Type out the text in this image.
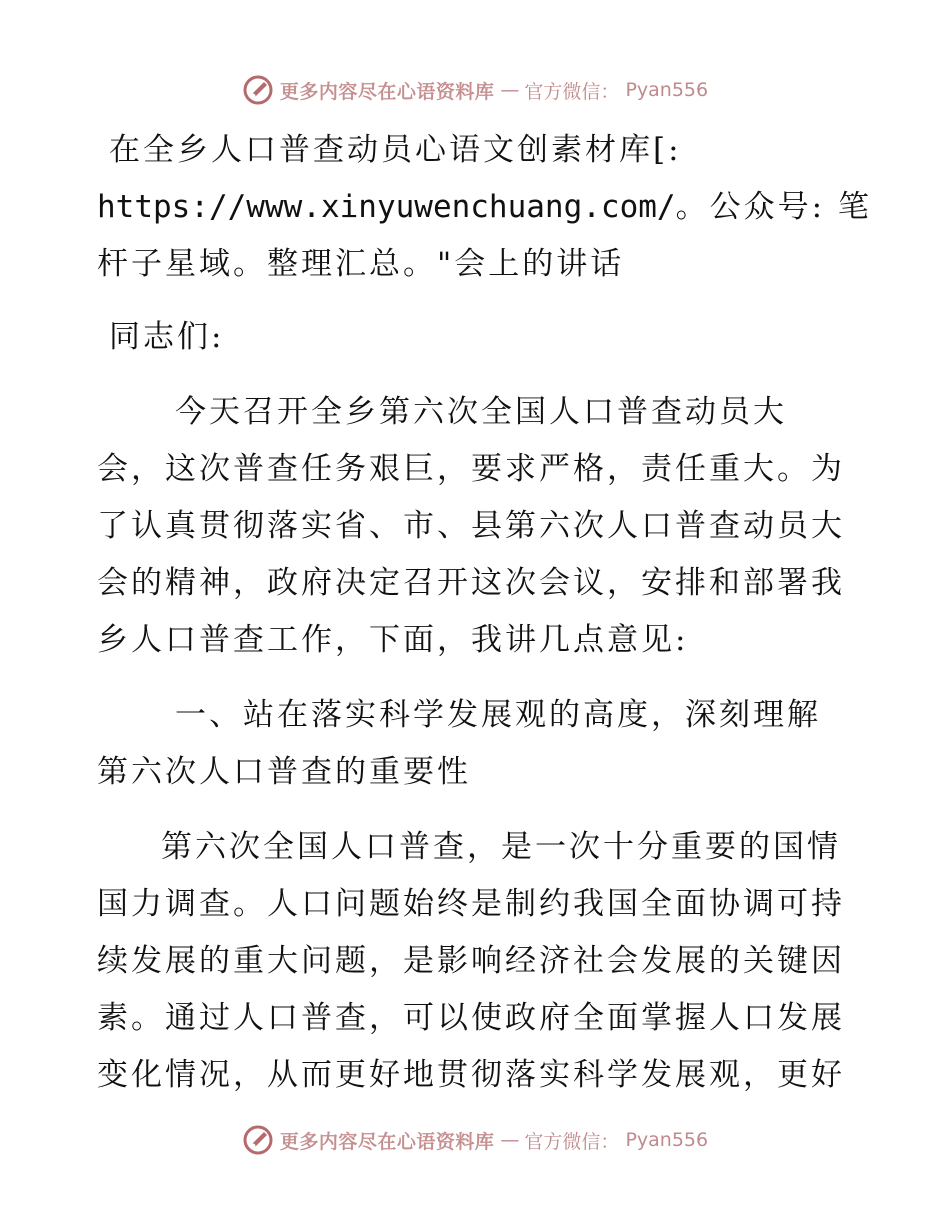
更多内容尽在心语资料库 — 官方微信： Pyan556
在全乡人口普查动员心语文创素材库[:
https://www.xinyuwenchuang.com/。公众号: 笔
杆子星域。整理汇总。"会上的讲话
同志们:
今天召开全乡第六次全国人口普查动员大
会，这次普查任务艰巨，要求严格，责任重大。为
了认真贯彻落实省、市、县第六次人口普查动员大
会的精神，政府决定召开这次会议，安排和部署我
乡人口普查工作，下面，我讲几点意见:
一、站在落实科学发展观的高度，深刻理解
第六次人口普查的重要性
第六次全国人口普查，是一次十分重要的国情
国力调查。人口问题始终是制约我国全面协调可持
续发展的重大问题，是影响经济社会发展的关键因
素。通过人口普查，可以使政府全面掌握人口发展
变化情况，从而更好地贯彻落实科学发展观，更好
更多内容尽在心语资料库 — 官方微信： Pyan556
